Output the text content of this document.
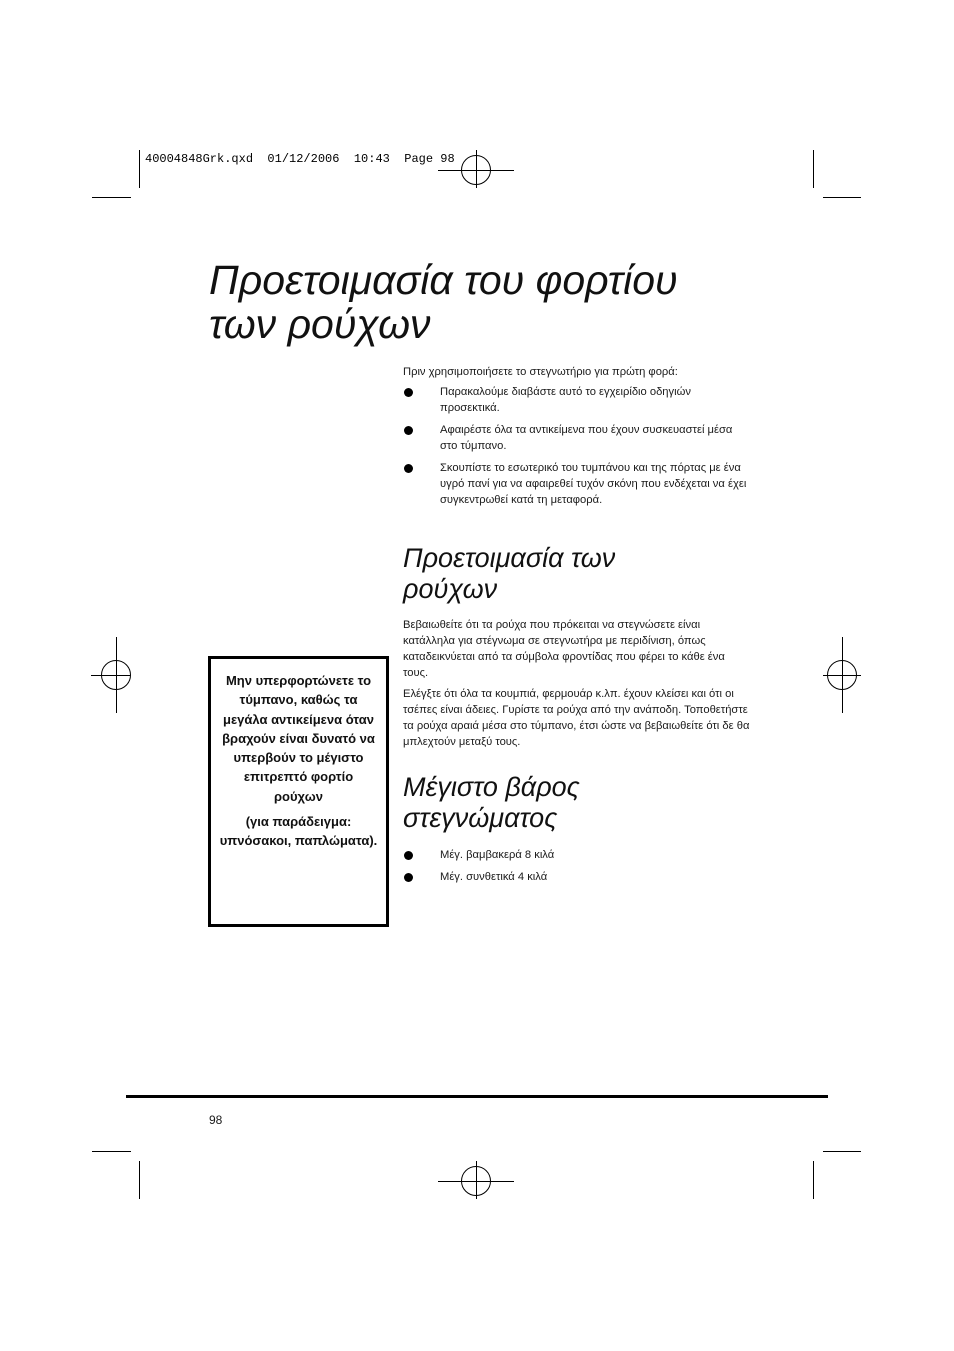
40004848Grk.qxd  01/12/2006  10:43  Page 98
Προετοιμασία του φορτίου
των ρούχων

Πριν χρησιμοποιήσετε το στεγνωτήριο για πρώτη φορά:

Παρακαλούμε διαβάστε αυτό το εγχειρίδιο οδηγιών προσεκτικά.
Αφαιρέστε όλα τα αντικείμενα που έχουν συσκευαστεί μέσα στο τύμπανο.
Σκουπίστε το εσωτερικό του τυμπάνου και της πόρτας με ένα υγρό πανί για να αφαιρεθεί τυχόν σκόνη που ενδέχεται να έχει συγκεντρωθεί κατά τη μεταφορά.
Προετοιμασία των
ρούχων

Βεβαιωθείτε ότι τα ρούχα που πρόκειται να στεγνώσετε είναι κατάλληλα για στέγνωμα σε στεγνωτήρα με περιδίνιση, όπως καταδεικνύεται από τα σύμβολα φροντίδας που φέρει το κάθε ένα τους.

Ελέγξτε ότι όλα τα κουμπιά, φερμουάρ κ.λπ. έχουν κλείσει και ότι οι τσέπες είναι άδειες. Γυρίστε τα ρούχα από την ανάποδη. Τοποθετήστε τα ρούχα αραιά μέσα στο τύμπανο, έτσι ώστε να βεβαιωθείτε ότι δε θα μπλεχτούν μεταξύ τους.

Μέγιστο βάρος
στεγνώματος
Μέγ. βαμβακερά 8 κιλά
Μέγ. συνθετικά 4 κιλά

Μην υπερφορτώνετε το τύμπανο, καθώς τα μεγάλα αντικείμενα όταν βραχούν είναι δυνατό να υπερβούν το μέγιστο επιτρεπτό φορτίο ρούχων

(για παράδειγμα: υπνόσακοι, παπλώματα).

98
